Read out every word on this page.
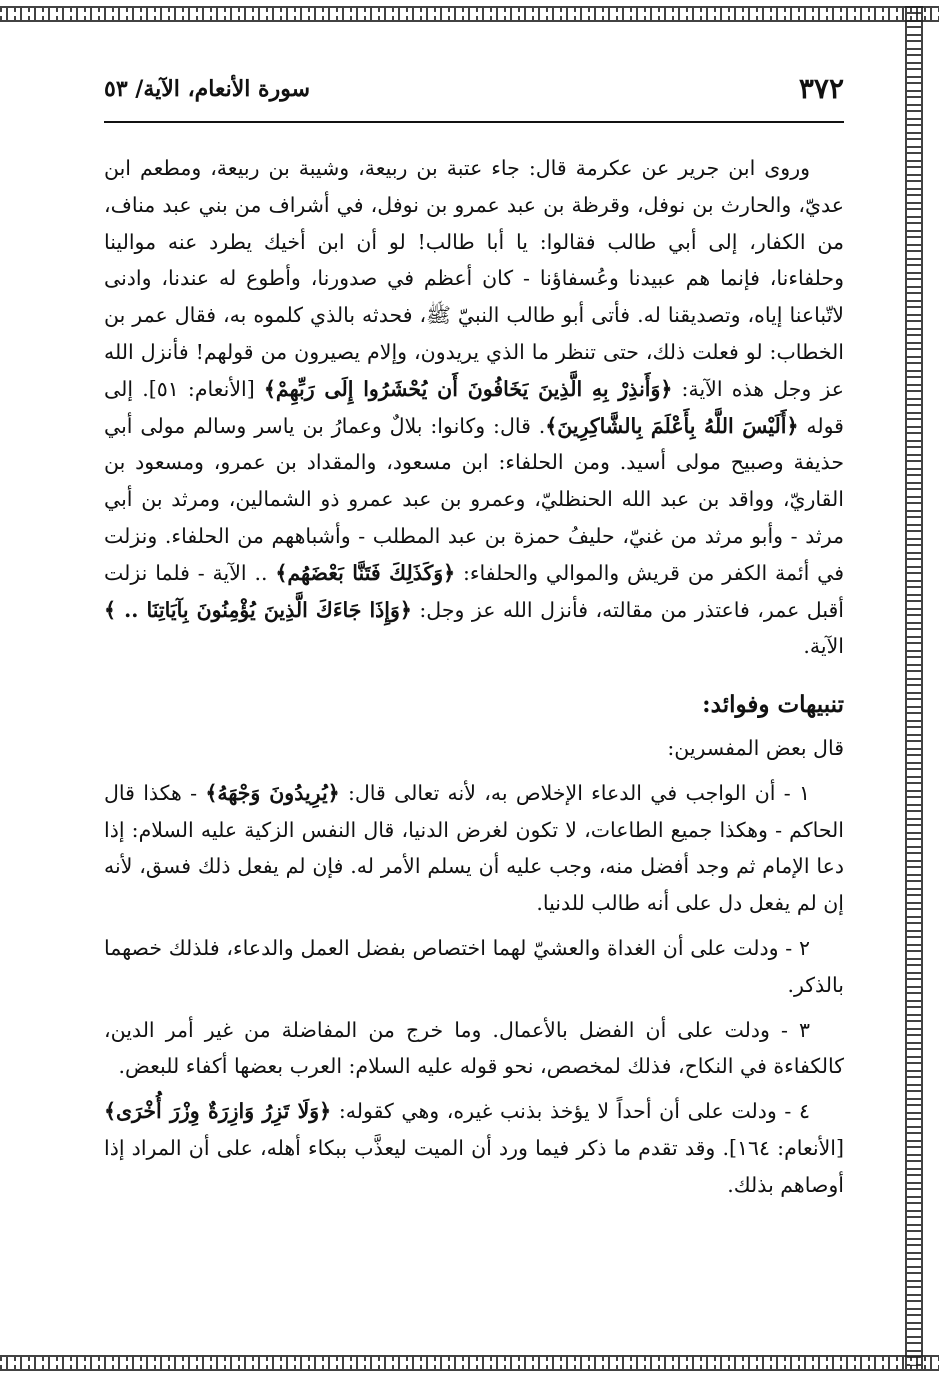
٣٧٢
سورة الأنعام، الآية/ ٥٣

وروى ابن جرير عن عكرمة قال: جاء عتبة بن ربيعة، وشيبة بن ربيعة، ومطعم ابن عديّ، والحارث بن نوفل، وقرظة بن عبد عمرو بن نوفل، في أشراف من بني عبد مناف، من الكفار، إلى أبي طالب فقالوا: يا أبا طالب! لو أن ابن أخيك يطرد عنه موالينا وحلفاءنا، فإنما هم عبيدنا وعُسفاؤنا - كان أعظم في صدورنا، وأطوع له عندنا، وادنى لاتّباعنا إياه، وتصديقنا له. فأتى أبو طالب النبيّ ﷺ، فحدثه بالذي كلموه به، فقال عمر بن الخطاب: لو فعلت ذلك، حتى تنظر ما الذي يريدون، وإلام يصيرون من قولهم! فأنزل الله عز وجل هذه الآية: ﴿وَأَنذِرْ بِهِ الَّذِينَ يَخَافُونَ أَن يُحْشَرُوا إِلَى رَبِّهِمْ﴾ [الأنعام: ٥١]. إلى قوله ﴿أَلَيْسَ اللَّهُ بِأَعْلَمَ بِالشَّاكِرِينَ﴾. قال: وكانوا: بلالٌ وعمارُ بن ياسر وسالم مولى أبي حذيفة وصبيح مولى أسيد. ومن الحلفاء: ابن مسعود، والمقداد بن عمرو، ومسعود بن القاريّ، وواقد بن عبد الله الحنظليّ، وعمرو بن عبد عمرو ذو الشمالين، ومرثد بن أبي مرثد - وأبو مرثد من غنيّ، حليفُ حمزة بن عبد المطلب - وأشباههم من الحلفاء. ونزلت في أئمة الكفر من قريش والموالي والحلفاء: ﴿وَكَذَلِكَ فَتَنَّا بَعْضَهُم﴾ .. الآية - فلما نزلت أقبل عمر، فاعتذر من مقالته، فأنزل الله عز وجل: ﴿وَإِذَا جَاءَكَ الَّذِينَ يُؤْمِنُونَ بِآيَاتِنَا .. ﴾ الآية.

تنبيهات وفوائد:

قال بعض المفسرين:

١ - أن الواجب في الدعاء الإخلاص به، لأنه تعالى قال: ﴿يُرِيدُونَ وَجْهَهُ﴾ - هكذا قال الحاكم - وهكذا جميع الطاعات، لا تكون لغرض الدنيا، قال النفس الزكية عليه السلام: إذا دعا الإمام ثم وجد أفضل منه، وجب عليه أن يسلم الأمر له. فإن لم يفعل ذلك فسق، لأنه إن لم يفعل دل على أنه طالب للدنيا.

٢ - ودلت على أن الغداة والعشيّ لهما اختصاص بفضل العمل والدعاء، فلذلك خصهما بالذكر.

٣ - ودلت على أن الفضل بالأعمال. وما خرج من المفاضلة من غير أمر الدين، كالكفاءة في النكاح، فذلك لمخصص، نحو قوله عليه السلام: العرب بعضها أكفاء للبعض.

٤ - ودلت على أن أحداً لا يؤخذ بذنب غيره، وهي كقوله: ﴿وَلَا تَزِرُ وَازِرَةٌ وِزْرَ أُخْرَى﴾ [الأنعام: ١٦٤]. وقد تقدم ما ذكر فيما ورد أن الميت ليعذَّب ببكاء أهله، على أن المراد إذا أوصاهم بذلك.
